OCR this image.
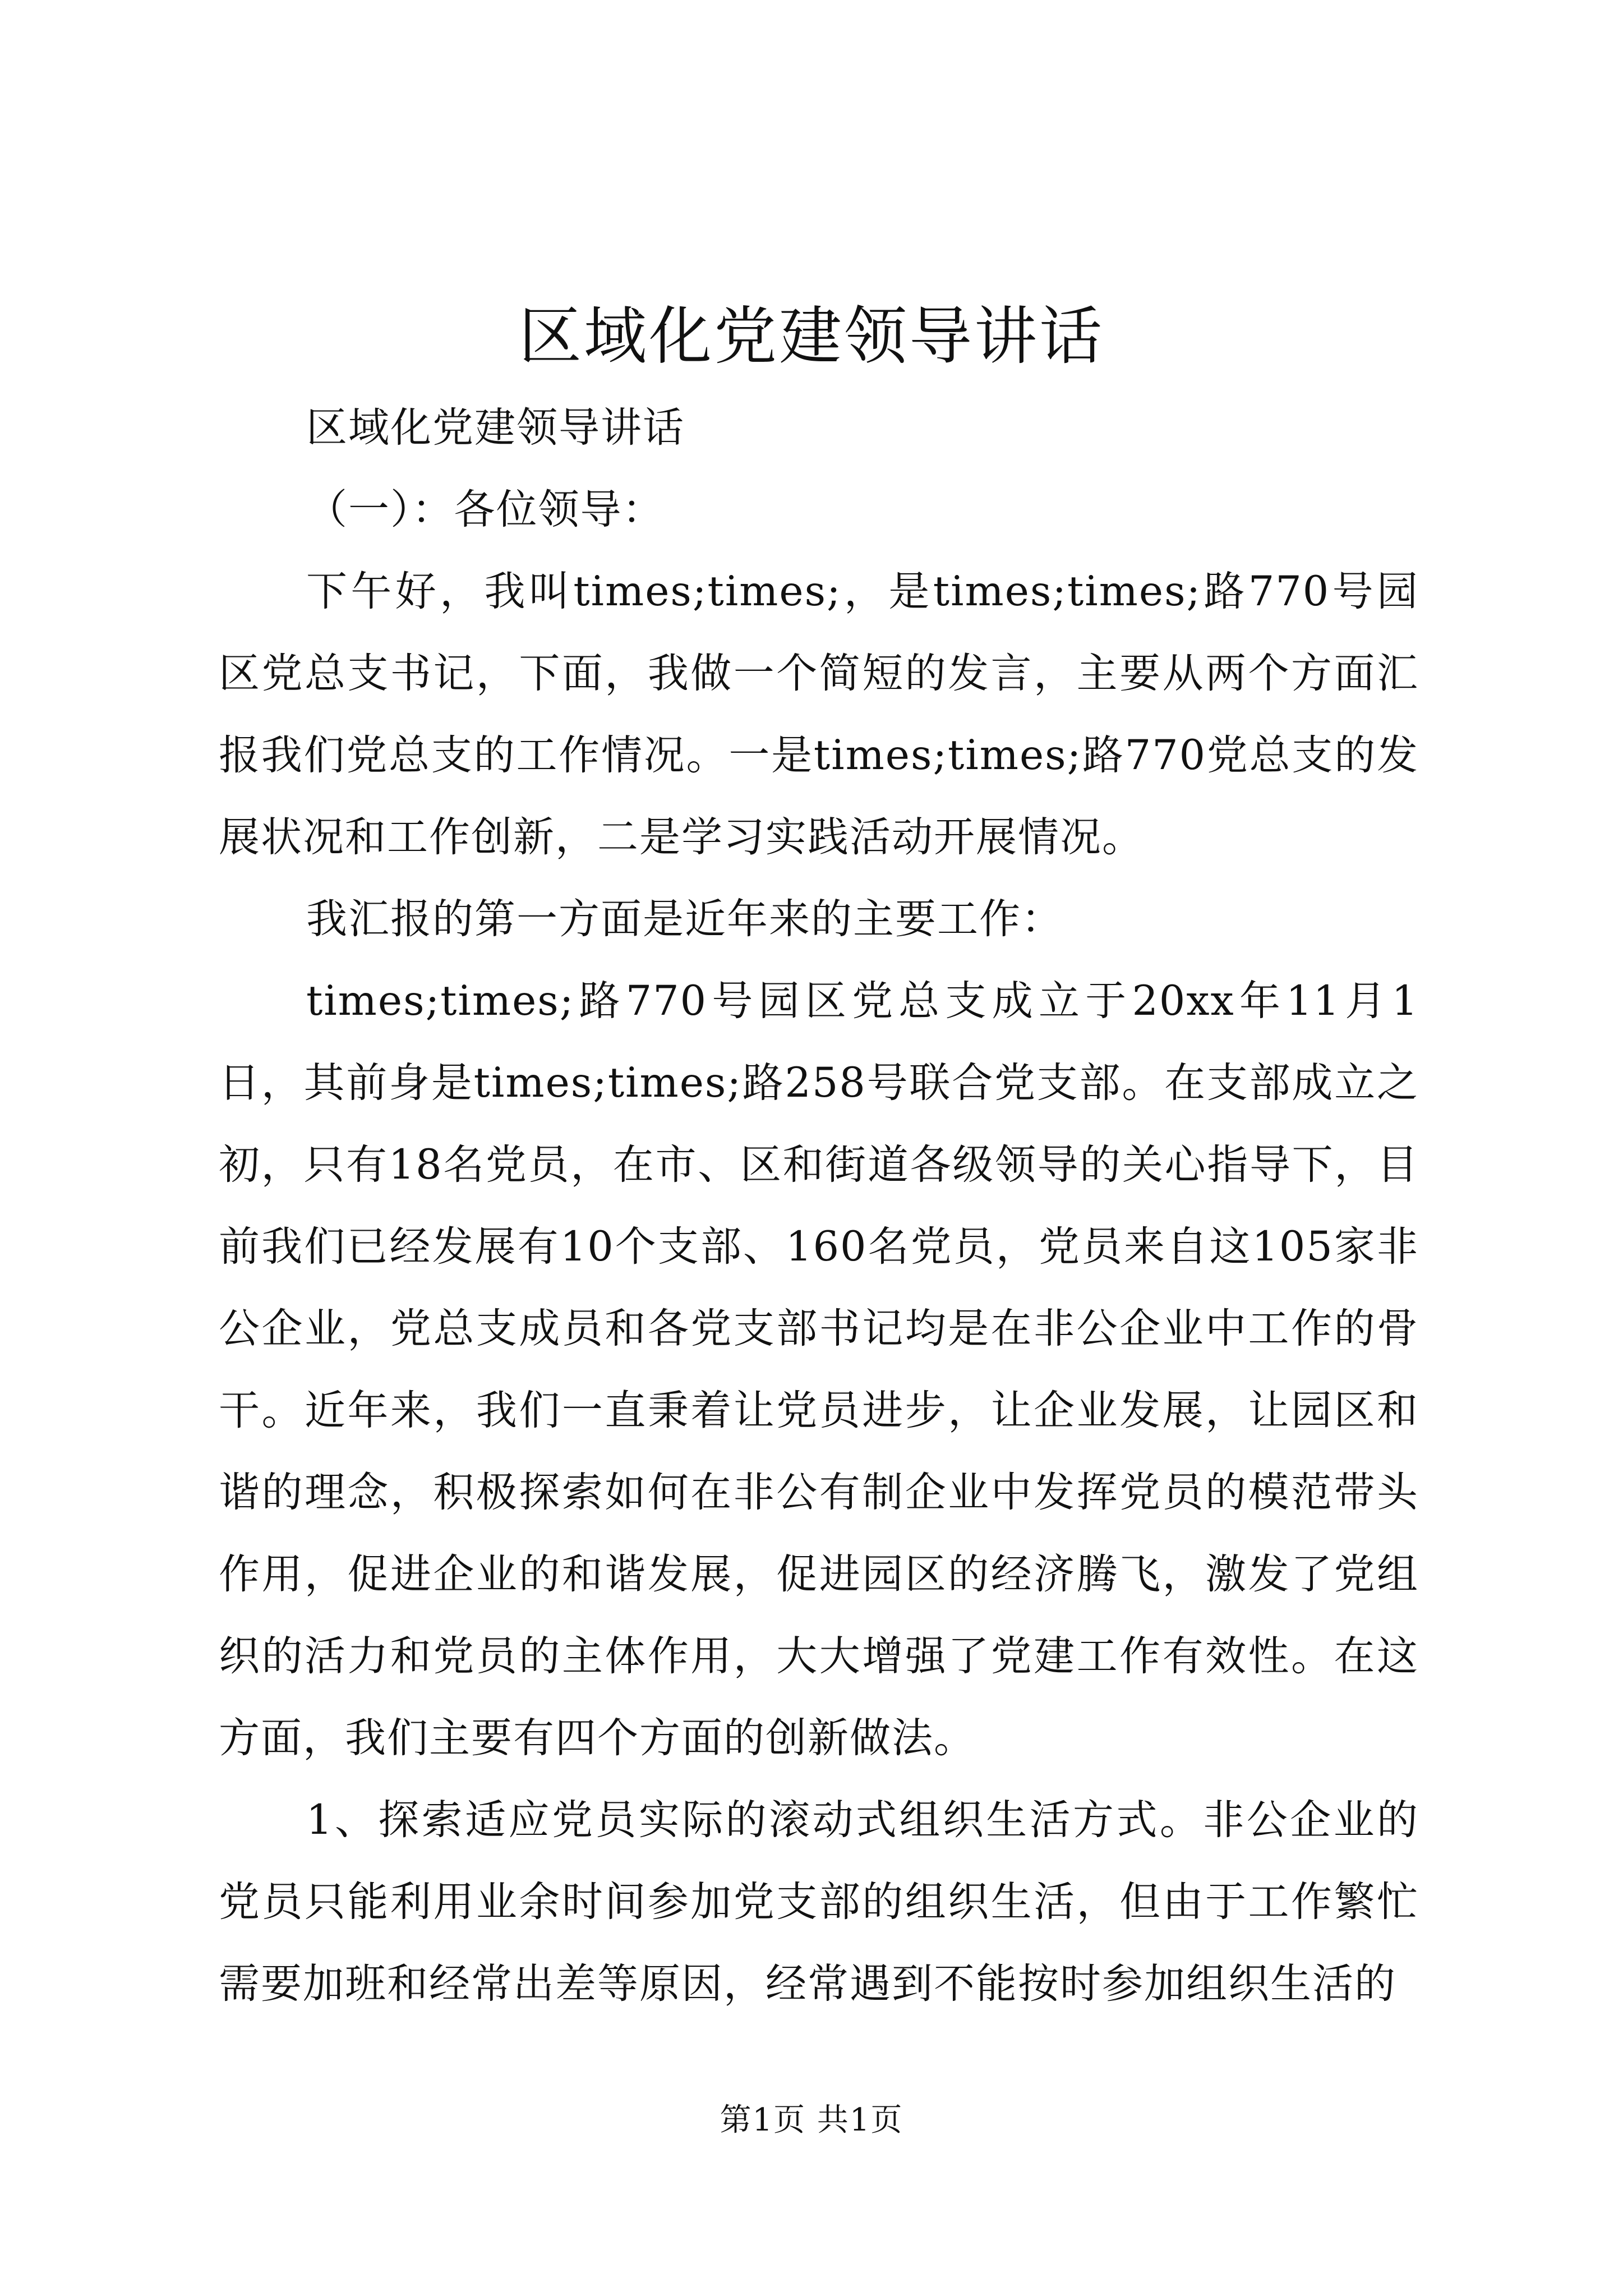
区域化党建领导讲话

区域化党建领导讲话

（一）：各位领导：

下午好，我叫times;times;，是times;times;路770号园区党总支书记，下面，我做一个简短的发言，主要从两个方面汇报我们党总支的工作情况。一是times;times;路770党总支的发展状况和工作创新，二是学习实践活动开展情况。

我汇报的第一方面是近年来的主要工作：

times;times;路770号园区党总支成立于20xx年11月1日，其前身是times;times;路258号联合党支部。在支部成立之初，只有18名党员，在市、区和街道各级领导的关心指导下，目前我们已经发展有10个支部、160名党员，党员来自这105家非公企业，党总支成员和各党支部书记均是在非公企业中工作的骨干。近年来，我们一直秉着让党员进步，让企业发展，让园区和谐的理念，积极探索如何在非公有制企业中发挥党员的模范带头作用，促进企业的和谐发展，促进园区的经济腾飞，激发了党组织的活力和党员的主体作用，大大增强了党建工作有效性。在这方面，我们主要有四个方面的创新做法。

1、探索适应党员实际的滚动式组织生活方式。非公企业的党员只能利用业余时间参加党支部的组织生活，但由于工作繁忙需要加班和经常出差等原因，经常遇到不能按时参加组织生活的

第1页 共1页
